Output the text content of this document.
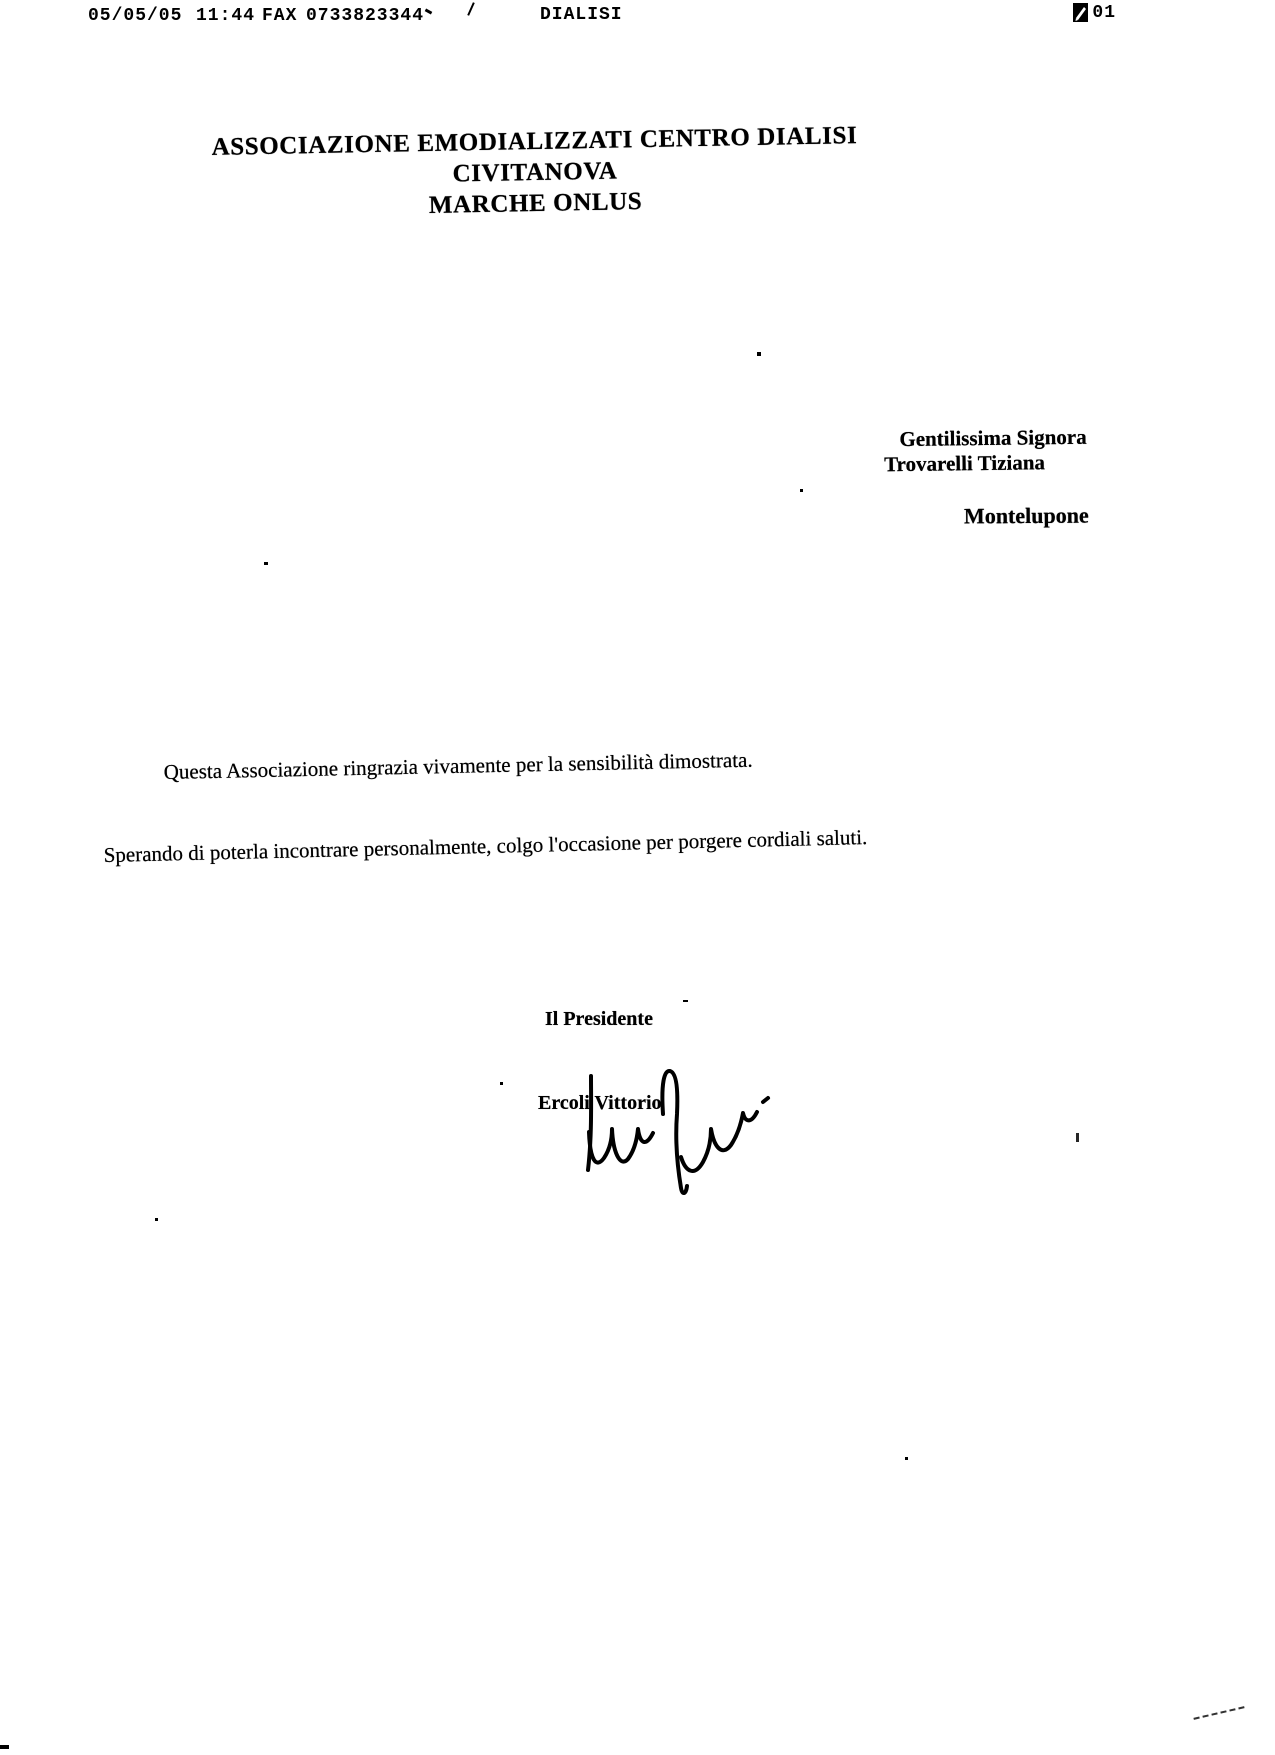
05/05/05 11:44 FAX 0733823344	DIALISI

	01
ASSOCIAZIONE EMODIALIZZATI CENTRO DIALISI CIVITANOVA
MARCHE ONLUS
Gentilissima Signora
Trovarelli Tiziana
Montelupone
Questa Associazione ringrazia vivamente per la sensibilità dimostrata.
Sperando di poterla incontrare personalmente, colgo l'occasione per porgere cordiali saluti.
Il Presidente
Ercoli Vittorio
